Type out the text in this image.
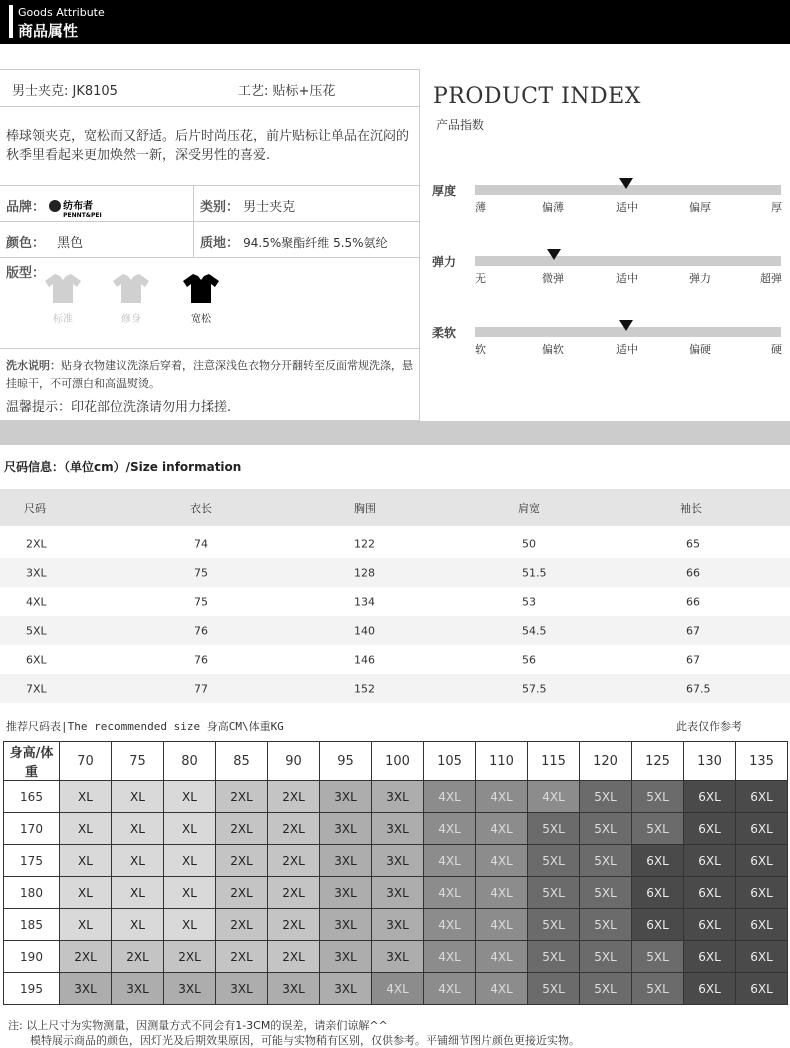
Goods Attribute
商品属性
男士夹克: JK8105	工艺: 贴标+压花
棒球领夹克，宽松而又舒适。后片时尚压花，前片贴标让单品在沉闷的秋季里看起来更加焕然一新，深受男性的喜爱.
品牌： 纺布者
PENNT&PEI	类别： 男士夹克
颜色： 黑色	质地： 94.5%聚酯纤维 5.5%氨纶
版型：
标准	修身	宽松
洗水说明：贴身衣物建议洗涤后穿着，注意深浅色衣物分开翻转至反面常规洗涤，悬挂晾干，不可漂白和高温熨烫。
温馨提示：印花部位洗涤请勿用力揉搓.
PRODUCT INDEX
产品指数
厚度
薄	偏薄	适中	偏厚	厚
弹力
无	微弹	适中	弹力	超弹
柔软
软	偏软	适中	偏硬	硬
尺码信息：（单位cm）/Size information
尺码	衣长	胸围	肩宽	袖长
2XL	74	122	50	65
3XL	75	128	51.5	66
4XL	75	134	53	66
5XL	76	140	54.5	67
6XL	76	146	56	67
7XL	77	152	57.5	67.5
推荐尺码表|The recommended size 身高CM\体重KG	此表仅作参考
身高/体重	70	75	80	85	90	95	100	105	110	115	120	125	130	135
165	XL	XL	XL	2XL	2XL	3XL	3XL	4XL	4XL	4XL	5XL	5XL	6XL	6XL
170	XL	XL	XL	2XL	2XL	3XL	3XL	4XL	4XL	5XL	5XL	5XL	6XL	6XL
175	XL	XL	XL	2XL	2XL	3XL	3XL	4XL	4XL	5XL	5XL	6XL	6XL	6XL
180	XL	XL	XL	2XL	2XL	3XL	3XL	4XL	4XL	5XL	5XL	6XL	6XL	6XL
185	XL	XL	XL	2XL	2XL	3XL	3XL	4XL	4XL	5XL	5XL	6XL	6XL	6XL
190	2XL	2XL	2XL	2XL	2XL	3XL	3XL	4XL	4XL	5XL	5XL	5XL	6XL	6XL
195	3XL	3XL	3XL	3XL	3XL	3XL	4XL	4XL	4XL	5XL	5XL	5XL	6XL	6XL
注: 以上尺寸为实物测量，因测量方式不同会有1-3CM的误差，请亲们谅解^^
模特展示商品的颜色，因灯光及后期效果原因，可能与实物稍有区别，仅供参考。平铺细节图片颜色更接近实物。
